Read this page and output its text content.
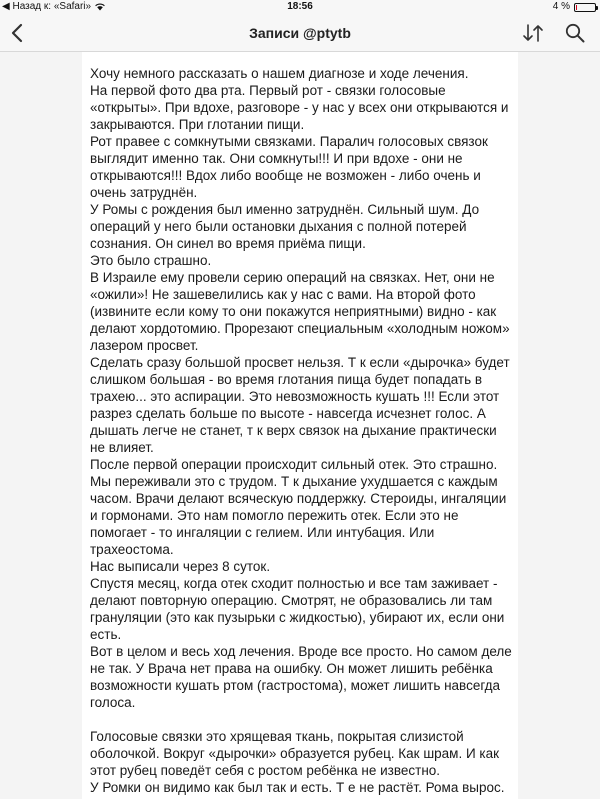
◀ Назад к: «Safari»	18:56	4 %
Записи @ptytb

Хочу немного рассказать о нашем диагнозе и ходе лечения.

На первой фото два рта. Первый рот - связки голосовые «открыты». При вдохе, разговоре - у нас у всех они открываются и закрываются. При глотании пищи.

Рот правее с сомкнутыми связками. Паралич голосовых связок выглядит именно так. Они сомкнуты!!! И при вдохе - они не открываются!!! Вдох либо вообще не возможен - либо очень и очень затруднён.

У Ромы с рождения был именно затруднён. Сильный шум. До операций у него были остановки дыхания с полной потерей сознания. Он синел во время приёма пищи.

Это было страшно.

В Израиле ему провели серию операций на связках. Нет, они не «ожили»! Не зашевелились как у нас с вами. На второй фото (извините если кому то они покажутся неприятными) видно - как делают хордотомию. Прорезают специальным «холодным ножом» лазером просвет.

Сделать сразу большой просвет нельзя. Т к если «дырочка» будет слишком большая - во время глотания пища будет попадать в трахею... это аспирации. Это невозможность кушать !!! Если этот разрез сделать больше по высоте - навсегда исчезнет голос. А дышать легче не станет, т к верх связок на дыхание практически не влияет.

После первой операции происходит сильный отек. Это страшно. Мы переживали это с трудом. Т к дыхание ухудшается с каждым часом. Врачи делают всяческую поддержку. Стероиды, ингаляции и гормонами. Это нам помогло пережить отек. Если это не помогает - то ингаляции с гелием. Или интубация. Или трахеостома.

Нас выписали через 8 суток.

Спустя месяц, когда отек сходит полностью и все там заживает - делают повторную операцию. Смотрят, не образовались ли там грануляции (это как пузырьки с жидкостью), убирают их, если они есть.

Вот в целом и весь ход лечения. Вроде все просто. Но самом деле не так. У Врача нет права на ошибку. Он может лишить ребёнка возможности кушать ртом (гастростома), может лишить навсегда голоса.

Голосовые связки это хрящевая ткань, покрытая слизистой оболочкой. Вокруг «дырочки» образуется рубец. Как шрам. И как этот рубец поведёт себя с ростом ребёнка не известно.

У Ромки он видимо как был так и есть. Т е не растёт. Рома вырос.
